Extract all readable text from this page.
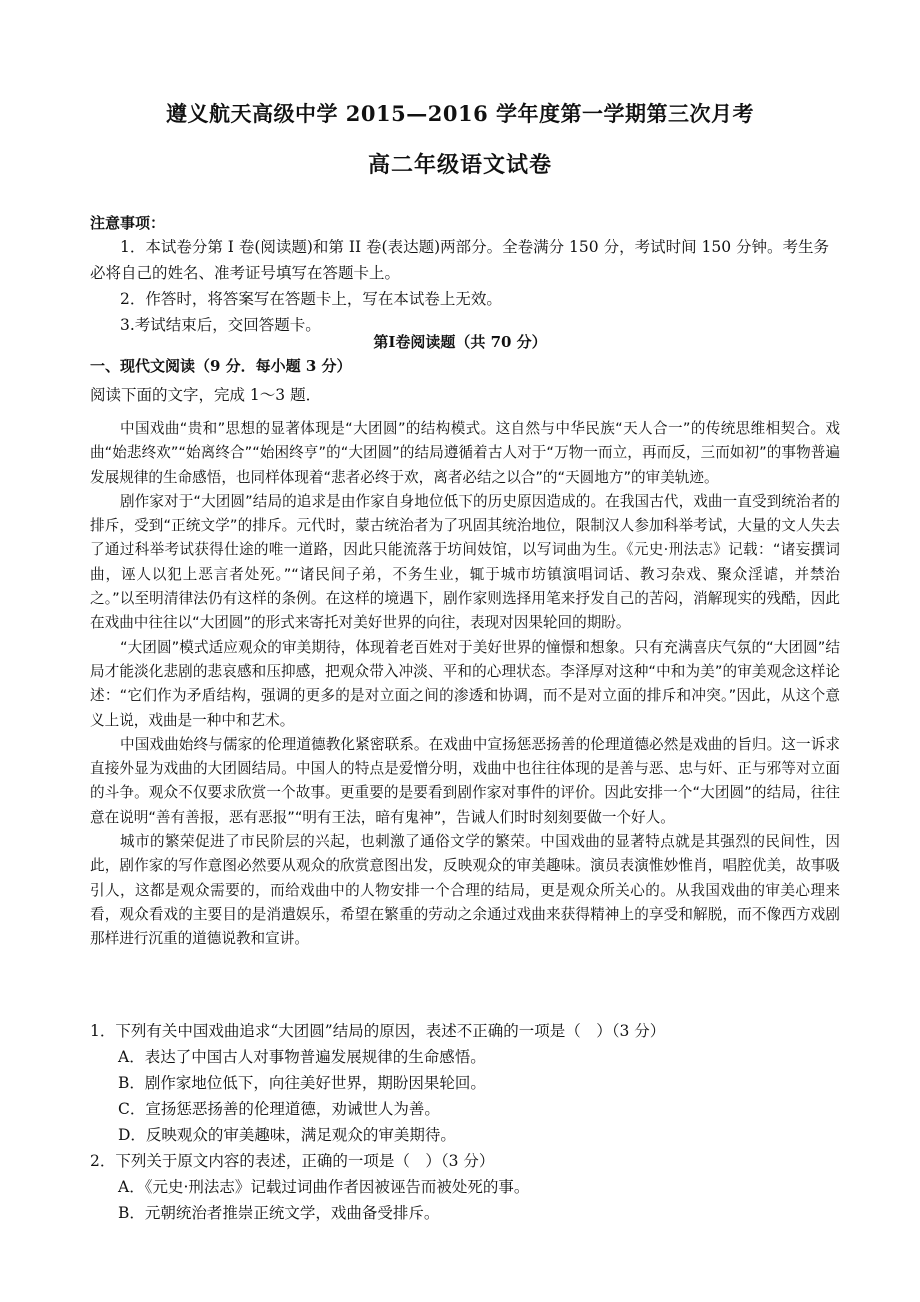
遵义航天高级中学 2015—2016 学年度第一学期第三次月考
高二年级语文试卷
注意事项：

1．本试卷分第 I 卷(阅读题)和第 II 卷(表达题)两部分。全卷满分 150 分，考试时间 150 分钟。考生务必将自己的姓名、准考证号填写在答题卡上。

2．作答时，将答案写在答题卡上，写在本试卷上无效。

3.考试结束后，交回答题卡。

第Ⅰ卷阅读题（共 70 分）
一、现代文阅读（9 分．每小题 3 分）
阅读下面的文字，完成 1～3 题．

中国戏曲“贵和”思想的显著体现是“大团圆”的结构模式。这自然与中华民族“天人合一”的传统思维相契合。戏曲“始悲终欢”“始离终合”“始困终亨”的“大团圆”的结局遵循着古人对于“万物一而立，再而反，三而如初”的事物普遍发展规律的生命感悟，也同样体现着“悲者必终于欢，离者必结之以合”的“天圆地方”的审美轨迹。

剧作家对于“大团圆”结局的追求是由作家自身地位低下的历史原因造成的。在我国古代，戏曲一直受到统治者的排斥，受到“正统文学”的排斥。元代时，蒙古统治者为了巩固其统治地位，限制汉人参加科举考试，大量的文人失去了通过科举考试获得仕途的唯一道路，因此只能流落于坊间妓馆，以写词曲为生。《元史·刑法志》记载：“诸妄撰词曲，诬人以犯上恶言者处死。”“诸民间子弟，不务生业，辄于城市坊镇演唱词话、教习杂戏、聚众淫谑，并禁治之。”以至明清律法仍有这样的条例。在这样的境遇下，剧作家则选择用笔来抒发自己的苦闷，消解现实的残酷，因此在戏曲中往往以“大团圆”的形式来寄托对美好世界的向往，表现对因果轮回的期盼。

“大团圆”模式适应观众的审美期待，体现着老百姓对于美好世界的憧憬和想象。只有充满喜庆气氛的“大团圆”结局才能淡化悲剧的悲哀感和压抑感，把观众带入冲淡、平和的心理状态。李泽厚对这种“中和为美”的审美观念这样论述：“它们作为矛盾结构，强调的更多的是对立面之间的渗透和协调，而不是对立面的排斥和冲突。”因此，从这个意义上说，戏曲是一种中和艺术。

中国戏曲始终与儒家的伦理道德教化紧密联系。在戏曲中宣扬惩恶扬善的伦理道德必然是戏曲的旨归。这一诉求直接外显为戏曲的大团圆结局。中国人的特点是爱憎分明，戏曲中也往往体现的是善与恶、忠与奸、正与邪等对立面的斗争。观众不仅要求欣赏一个故事。更重要的是要看到剧作家对事件的评价。因此安排一个“大团圆”的结局，往往意在说明“善有善报，恶有恶报”“明有王法，暗有鬼神”，告诫人们时时刻刻要做一个好人。

城市的繁荣促进了市民阶层的兴起，也刺激了通俗文学的繁荣。中国戏曲的显著特点就是其强烈的民间性，因此，剧作家的写作意图必然要从观众的欣赏意图出发，反映观众的审美趣味。演员表演惟妙惟肖，唱腔优美，故事吸引人，这都是观众需要的，而给戏曲中的人物安排一个合理的结局，更是观众所关心的。从我国戏曲的审美心理来看，观众看戏的主要目的是消遣娱乐，希望在繁重的劳动之余通过戏曲来获得精神上的享受和解脱，而不像西方戏剧那样进行沉重的道德说教和宣讲。

1．下列有关中国戏曲追求“大团圆”结局的原因，表述不正确的一项是（　）（3 分）

A．表达了中国古人对事物普遍发展规律的生命感悟。

B．剧作家地位低下，向往美好世界，期盼因果轮回。

C．宣扬惩恶扬善的伦理道德，劝诫世人为善。

D．反映观众的审美趣味，满足观众的审美期待。

2．下列关于原文内容的表述，正确的一项是（　）（3 分）

A．《元史·刑法志》记载过词曲作者因被诬告而被处死的事。

B．元朝统治者推崇正统文学，戏曲备受排斥。
